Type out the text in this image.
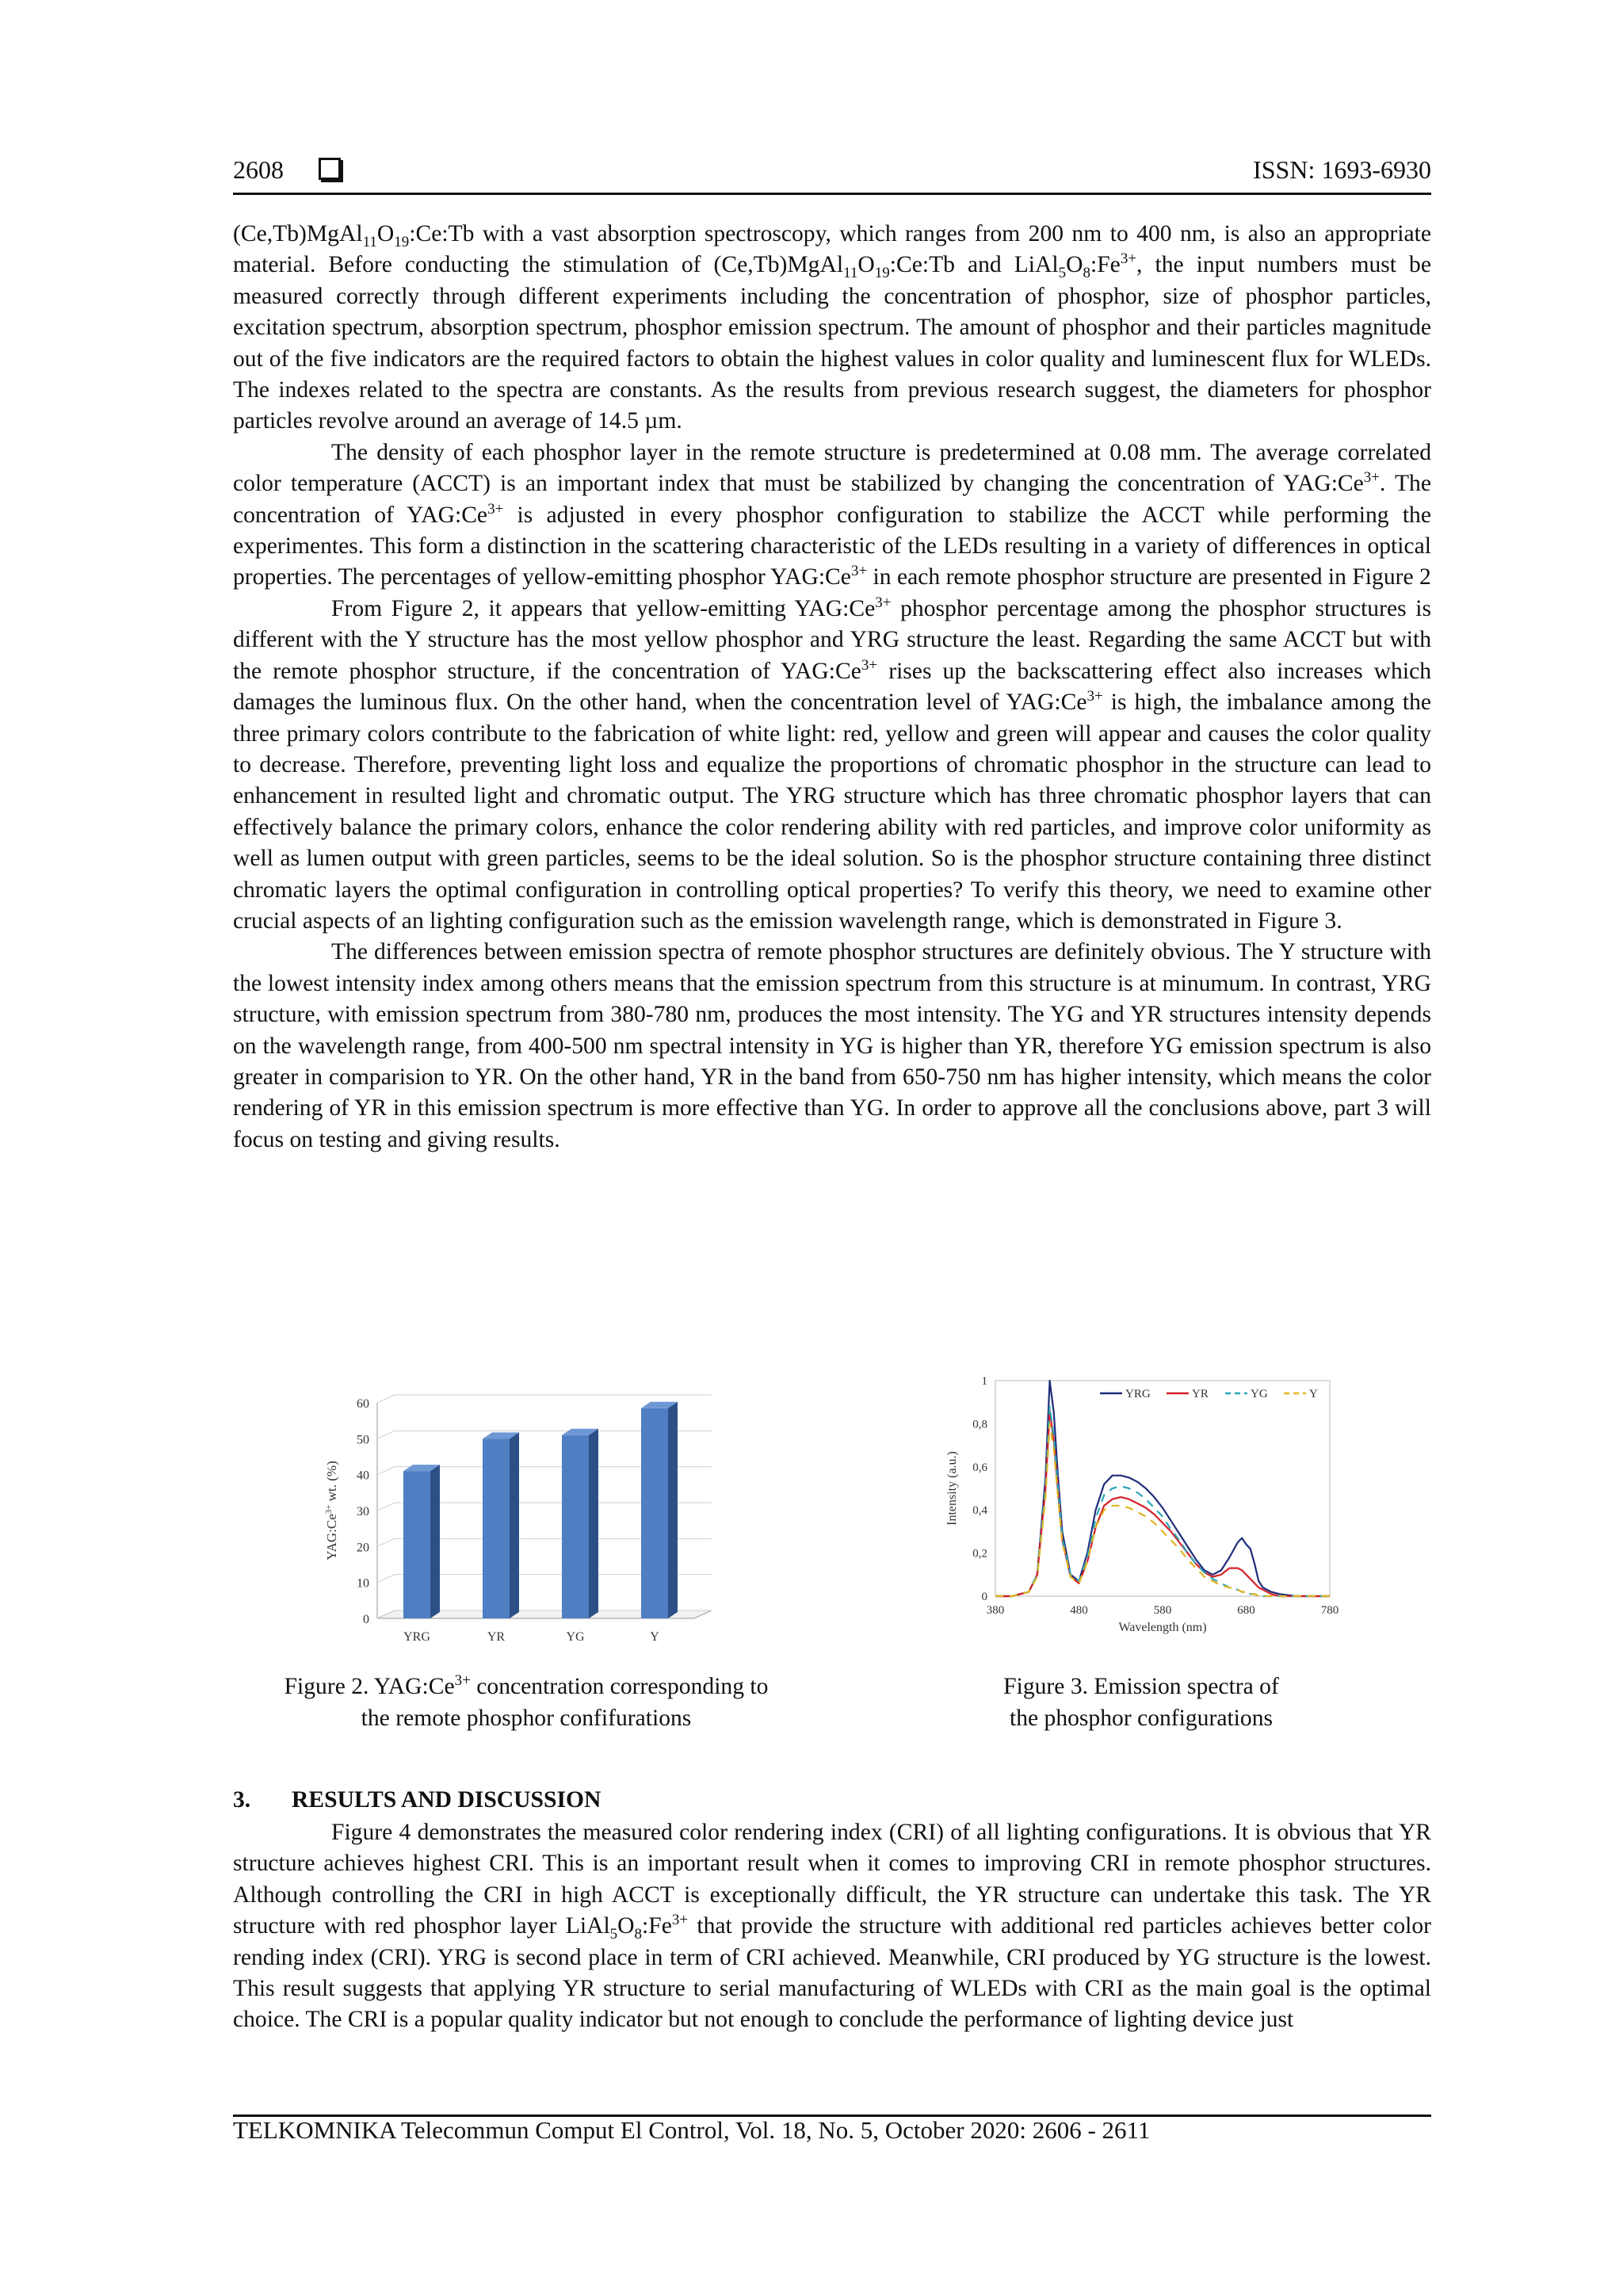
2608	ISSN: 1693-6930

$(Ce,Tb)MgAl_{11}O_{19}:Ce:Tb$ with a vast absorption spectroscopy, which ranges from 200 nm to 400 nm, is also an appropriate material. Before conducting the stimulation of $(Ce,Tb)MgAl_{11}O_{19}:Ce:Tb$ and $LiAl_5O_8:Fe^{3+}$, the input numbers must be measured correctly through different experiments including the concentration of phosphor, size of phosphor particles, excitation spectrum, absorption spectrum, phosphor emission spectrum. The amount of phosphor and their particles magnitude out of the five indicators are the required factors to obtain the highest values in color quality and luminescent flux for WLEDs. The indexes related to the spectra are constants. As the results from previous research suggest, the diameters for phosphor particles revolve around an average of 14.5 µm.

The density of each phosphor layer in the remote structure is predetermined at 0.08 mm. The average correlated color temperature (ACCT) is an important index that must be stabilized by changing the concentration of $YAG:Ce^{3+}$. The concentration of $YAG:Ce^{3+}$ is adjusted in every phosphor configuration to stabilize the ACCT while performing the experimentes. This form a distinction in the scattering characteristic of the LEDs resulting in a variety of differences in optical properties. The percentages of yellow-emitting phosphor $YAG:Ce^{3+}$ in each remote phosphor structure are presented in Figure 2

From Figure 2, it appears that yellow-emitting $YAG:Ce^{3+}$ phosphor percentage among the phosphor structures is different with the Y structure has the most yellow phosphor and YRG structure the least. Regarding the same ACCT but with the remote phosphor structure, if the concentration of $YAG:Ce^{3+}$ rises up the backscattering effect also increases which damages the luminous flux. On the other hand, when the concentration level of $YAG:Ce^{3+}$ is high, the imbalance among the three primary colors contribute to the fabrication of white light: red, yellow and green will appear and causes the color quality to decrease. Therefore, preventing light loss and equalize the proportions of chromatic phosphor in the structure can lead to enhancement in resulted light and chromatic output. The YRG structure which has three chromatic phosphor layers that can effectively balance the primary colors, enhance the color rendering ability with red particles, and improve color uniformity as well as lumen output with green particles, seems to be the ideal solution. So is the phosphor structure containing three distinct chromatic layers the optimal configuration in controlling optical properties? To verify this theory, we need to examine other crucial aspects of an lighting configuration such as the emission wavelength range, which is demonstrated in Figure 3.

The differences between emission spectra of remote phosphor structures are definitely obvious. The Y structure with the lowest intensity index among others means that the emission spectrum from this structure is at minumum. In contrast, YRG structure, with emission spectrum from 380-780 nm, produces the most intensity. The YG and YR structures intensity depends on the wavelength range, from 400-500 nm spectral intensity in YG is higher than YR, therefore YG emission spectrum is also greater in comparision to YR. On the other hand, YR in the band from 650-750 nm has higher intensity, which means the color rendering of YR in this emission spectrum is more effective than YG. In order to approve all the conclusions above, part 3 will focus on testing and giving results.

0
10
20
30
40
50
60
YRG	YR	YG	Y
$YAG:Ce^{3+}$ wt. (%)
0
0,2
0,4
0,6
0,8
1
380	480	580	680	780
Wavelength (nm)
Intensity (a.u.)
YRG	YR	YG	Y
Figure 2. $YAG:Ce^{3+}$ concentration corresponding to
the remote phosphor confifurations
Figure 3. Emission spectra of
the phosphor configurations
3. RESULTS AND DISCUSSION

Figure 4 demonstrates the measured color rendering index (CRI) of all lighting configurations. It is obvious that YR structure achieves highest CRI. This is an important result when it comes to improving CRI in remote phosphor structures. Although controlling the CRI in high ACCT is exceptionally difficult, the YR structure can undertake this task. The YR structure with red phosphor layer $LiAl_5O_8:Fe^{3+}$ that provide the structure with additional red particles achieves better color rending index (CRI). YRG is second place in term of CRI achieved. Meanwhile, CRI produced by YG structure is the lowest. This result suggests that applying YR structure to serial manufacturing of WLEDs with CRI as the main goal is the optimal choice. The CRI is a popular quality indicator but not enough to conclude the performance of lighting device just

TELKOMNIKA Telecommun Comput El Control, Vol. 18, No. 5, October 2020: 2606 - 2611
